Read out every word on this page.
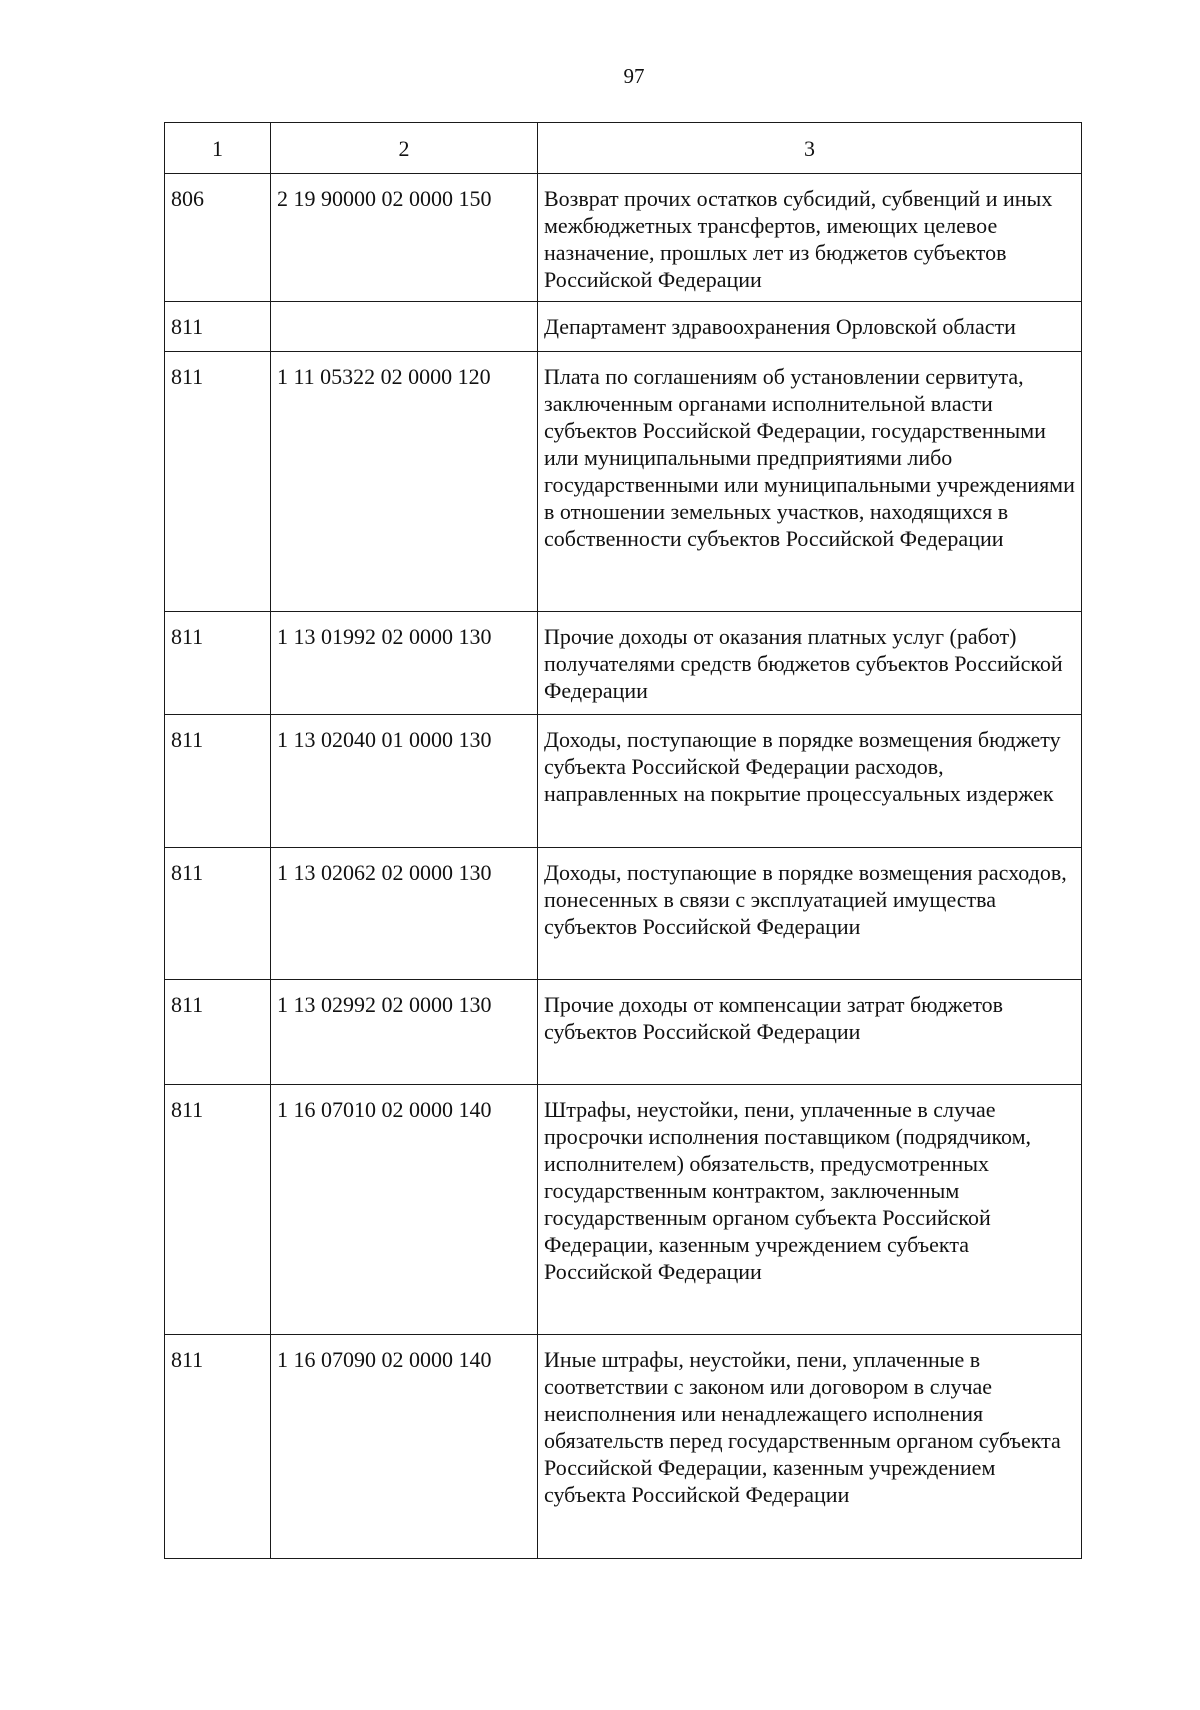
97
1	2	3
806	2 19 90000 02 0000 150	Возврат прочих остатков субсидий, субвенций и иных межбюджетных трансфертов, имеющих целевое назначение, прошлых лет из бюджетов субъектов Российской Федерации
811		Департамент здравоохранения Орловской области
811	1 11 05322 02 0000 120	Плата по соглашениям об установлении сервитута, заключенным органами исполнительной власти субъектов Российской Федерации, государственными или муниципальными предприятиями либо государственными или муниципальными учреждениями в отношении земельных участков, находящихся в собственности субъектов Российской Федерации
811	1 13 01992 02 0000 130	Прочие доходы от оказания платных услуг (работ) получателями средств бюджетов субъектов Российской Федерации
811	1 13 02040 01 0000 130	Доходы, поступающие в порядке возмещения бюджету субъекта Российской Федерации расходов, направленных на покрытие процессуальных издержек
811	1 13 02062 02 0000 130	Доходы, поступающие в порядке возмещения расходов, понесенных в связи с эксплуатацией имущества субъектов Российской Федерации
811	1 13 02992 02 0000 130	Прочие доходы от компенсации затрат бюджетов субъектов Российской Федерации
811	1 16 07010 02 0000 140	Штрафы, неустойки, пени, уплаченные в случае просрочки исполнения поставщиком (подрядчиком, исполнителем) обязательств, предусмотренных государственным контрактом, заключенным государственным органом субъекта Российской Федерации, казенным учреждением субъекта Российской Федерации
811	1 16 07090 02 0000 140	Иные штрафы, неустойки, пени, уплаченные в соответствии с законом или договором в случае неисполнения или ненадлежащего исполнения обязательств перед государственным органом субъекта Российской Федерации, казенным учреждением субъекта Российской Федерации
